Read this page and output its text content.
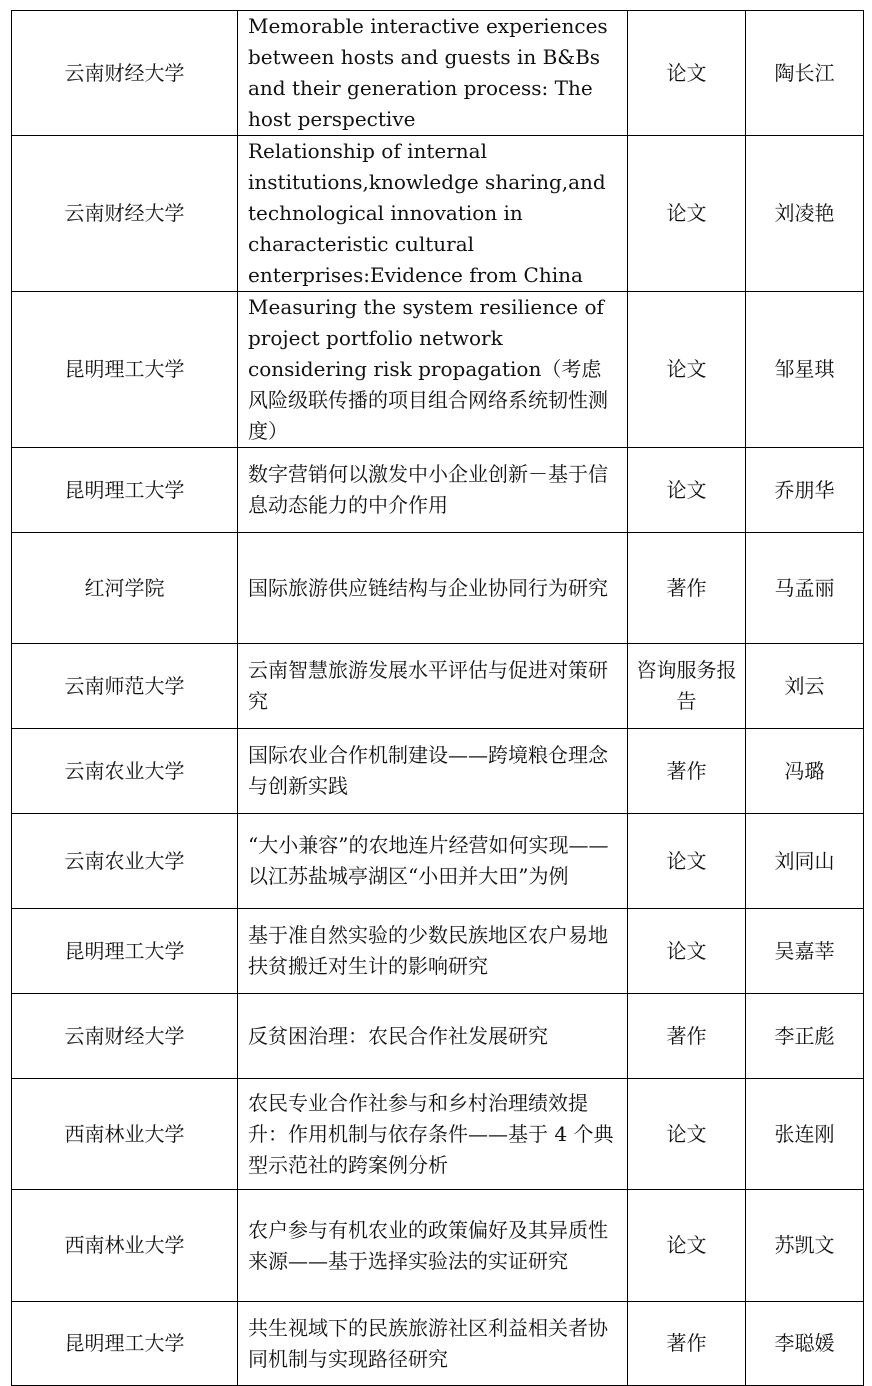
云南财经大学	Memorable interactive experiences between hosts and guests in B&Bs and their generation process: The host perspective	论文	陶长江
云南财经大学	Relationship of internal institutions,knowledge sharing,and technological innovation in characteristic cultural enterprises:Evidence from China	论文	刘凌艳
昆明理工大学	Measuring the system resilience of project portfolio network considering risk propagation（考虑风险级联传播的项目组合网络系统韧性测度）	论文	邹星琪
昆明理工大学	数字营销何以激发中小企业创新－基于信息动态能力的中介作用	论文	乔朋华
红河学院	国际旅游供应链结构与企业协同行为研究	著作	马孟丽
云南师范大学	云南智慧旅游发展水平评估与促进对策研究	咨询服务报告	刘云
云南农业大学	国际农业合作机制建设——跨境粮仓理念与创新实践	著作	冯璐
云南农业大学	“大小兼容”的农地连片经营如何实现——以江苏盐城亭湖区“小田并大田”为例	论文	刘同山
昆明理工大学	基于准自然实验的少数民族地区农户易地扶贫搬迁对生计的影响研究	论文	吴嘉莘
云南财经大学	反贫困治理：农民合作社发展研究	著作	李正彪
西南林业大学	农民专业合作社参与和乡村治理绩效提升：作用机制与依存条件——基于 4 个典型示范社的跨案例分析	论文	张连刚
西南林业大学	农户参与有机农业的政策偏好及其异质性来源——基于选择实验法的实证研究	论文	苏凯文
昆明理工大学	共生视域下的民族旅游社区利益相关者协同机制与实现路径研究	著作	李聪媛
